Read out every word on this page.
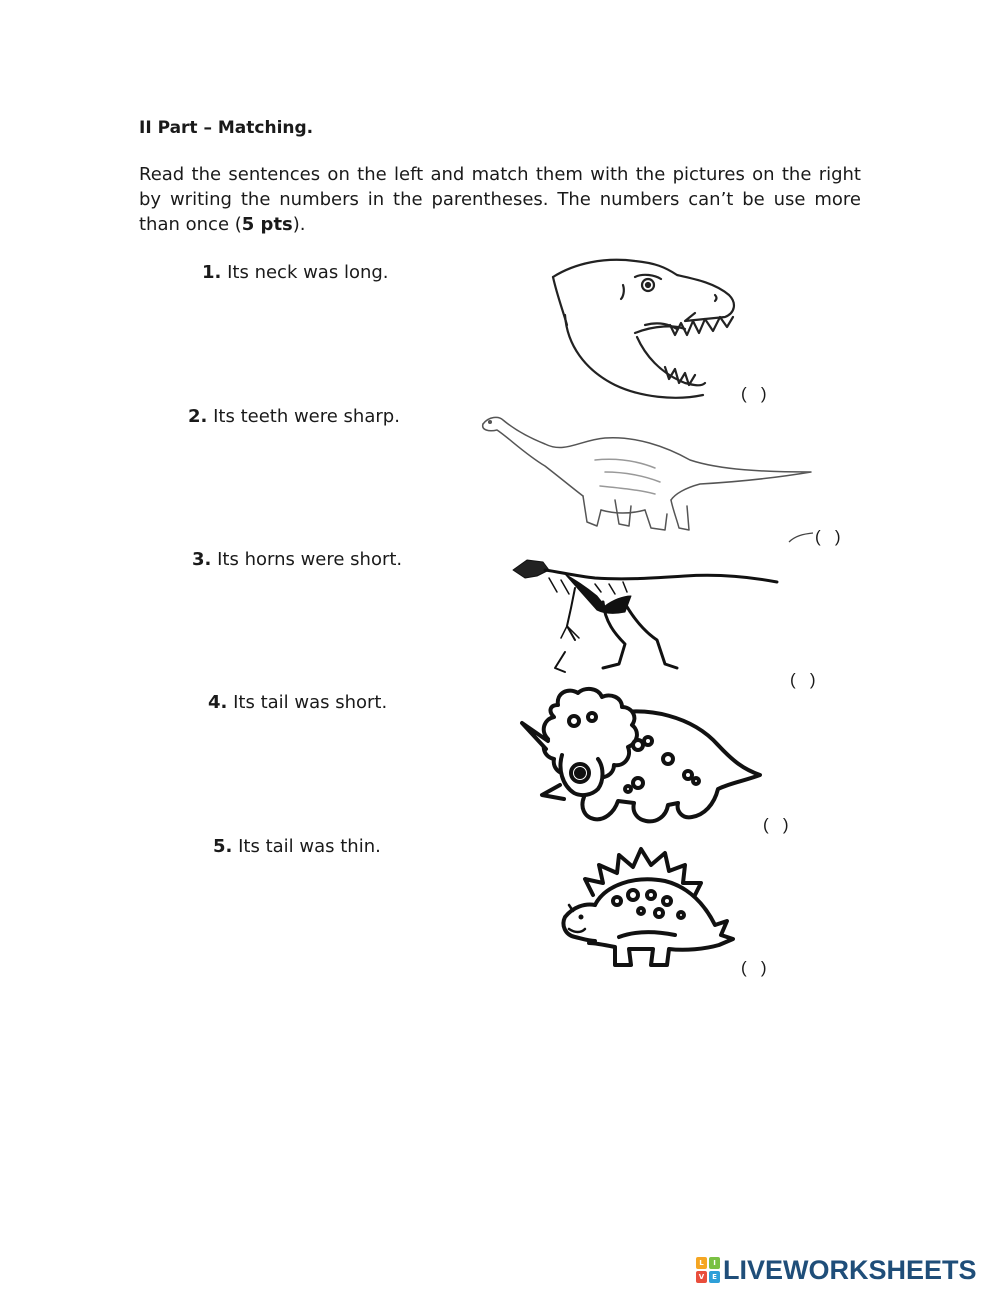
II Part – Matching.

Read the sentences on the left and match them with the pictures on the right by writing the numbers in the parentheses. The numbers can’t be use more than once (5 pts).

1. Its neck was long.

2. Its teeth were sharp.

3. Its horns were short.

4. Its tail was short.

5. Its tail was thin.

(   )
(   )
(   )
(   )
(   )
L	I
V	E LIVEWORKSHEETS
